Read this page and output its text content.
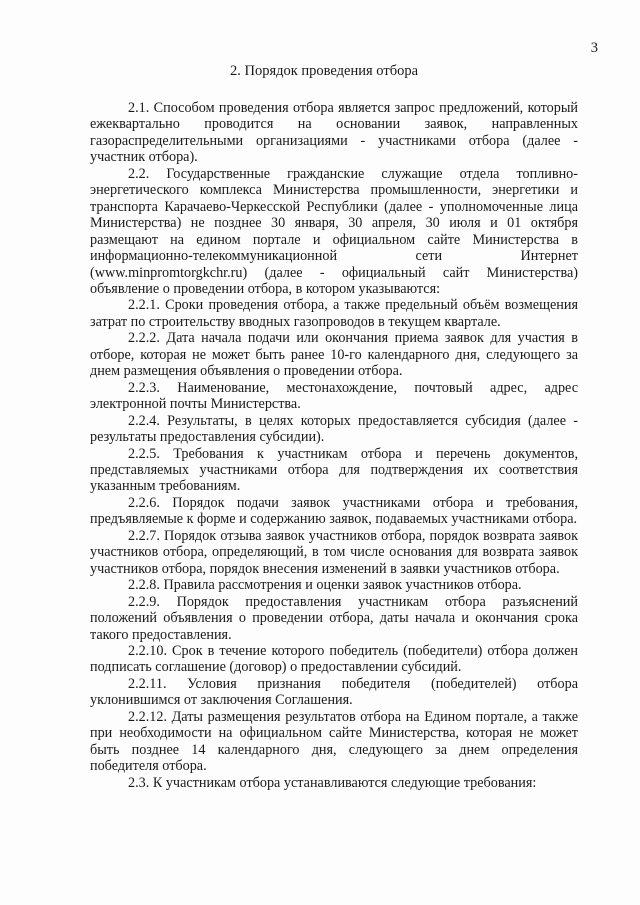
3

2. Порядок проведения отбора

2.1. Способом проведения отбора является запрос предложений, который ежеквартально проводится на основании заявок, направленных газораспределительными организациями - участниками отбора (далее - участник отбора).

2.2. Государственные гражданские служащие отдела топливно-энергетического комплекса Министерства промышленности, энергетики и транспорта Карачаево-Черкесской Республики (далее - уполномоченные лица Министерства) не позднее 30 января, 30 апреля, 30 июля и 01 октября размещают на едином портале и официальном сайте Министерства в информационно-телекоммуникационной сети Интернет (www.minpromtorgkchr.ru) (далее - официальный сайт Министерства) объявление о проведении отбора, в котором указываются:

2.2.1. Сроки проведения отбора, а также предельный объём возмещения затрат по строительству вводных газопроводов в текущем квартале.

2.2.2. Дата начала подачи или окончания приема заявок для участия в отборе, которая не может быть ранее 10-го календарного дня, следующего за днем размещения объявления о проведении отбора.

2.2.3. Наименование, местонахождение, почтовый адрес, адрес электронной почты Министерства.

2.2.4. Результаты, в целях которых предоставляется субсидия (далее - результаты предоставления субсидии).

2.2.5. Требования к участникам отбора и перечень документов, представляемых участниками отбора для подтверждения их соответствия указанным требованиям.

2.2.6. Порядок подачи заявок участниками отбора и требования, предъявляемые к форме и содержанию заявок, подаваемых участниками отбора.

2.2.7. Порядок отзыва заявок участников отбора, порядок возврата заявок участников отбора, определяющий, в том числе основания для возврата заявок участников отбора, порядок внесения изменений в заявки участников отбора.

2.2.8. Правила рассмотрения и оценки заявок участников отбора.

2.2.9. Порядок предоставления участникам отбора разъяснений положений объявления о проведении отбора, даты начала и окончания срока такого предоставления.

2.2.10. Срок в течение которого победитель (победители) отбора должен подписать соглашение (договор) о предоставлении субсидий.

2.2.11. Условия признания победителя (победителей) отбора уклонившимся от заключения Соглашения.

2.2.12. Даты размещения результатов отбора на Едином портале, а также при необходимости на официальном сайте Министерства, которая не может быть позднее 14 календарного дня, следующего за днем определения победителя отбора.

2.3. К участникам отбора устанавливаются следующие требования:
